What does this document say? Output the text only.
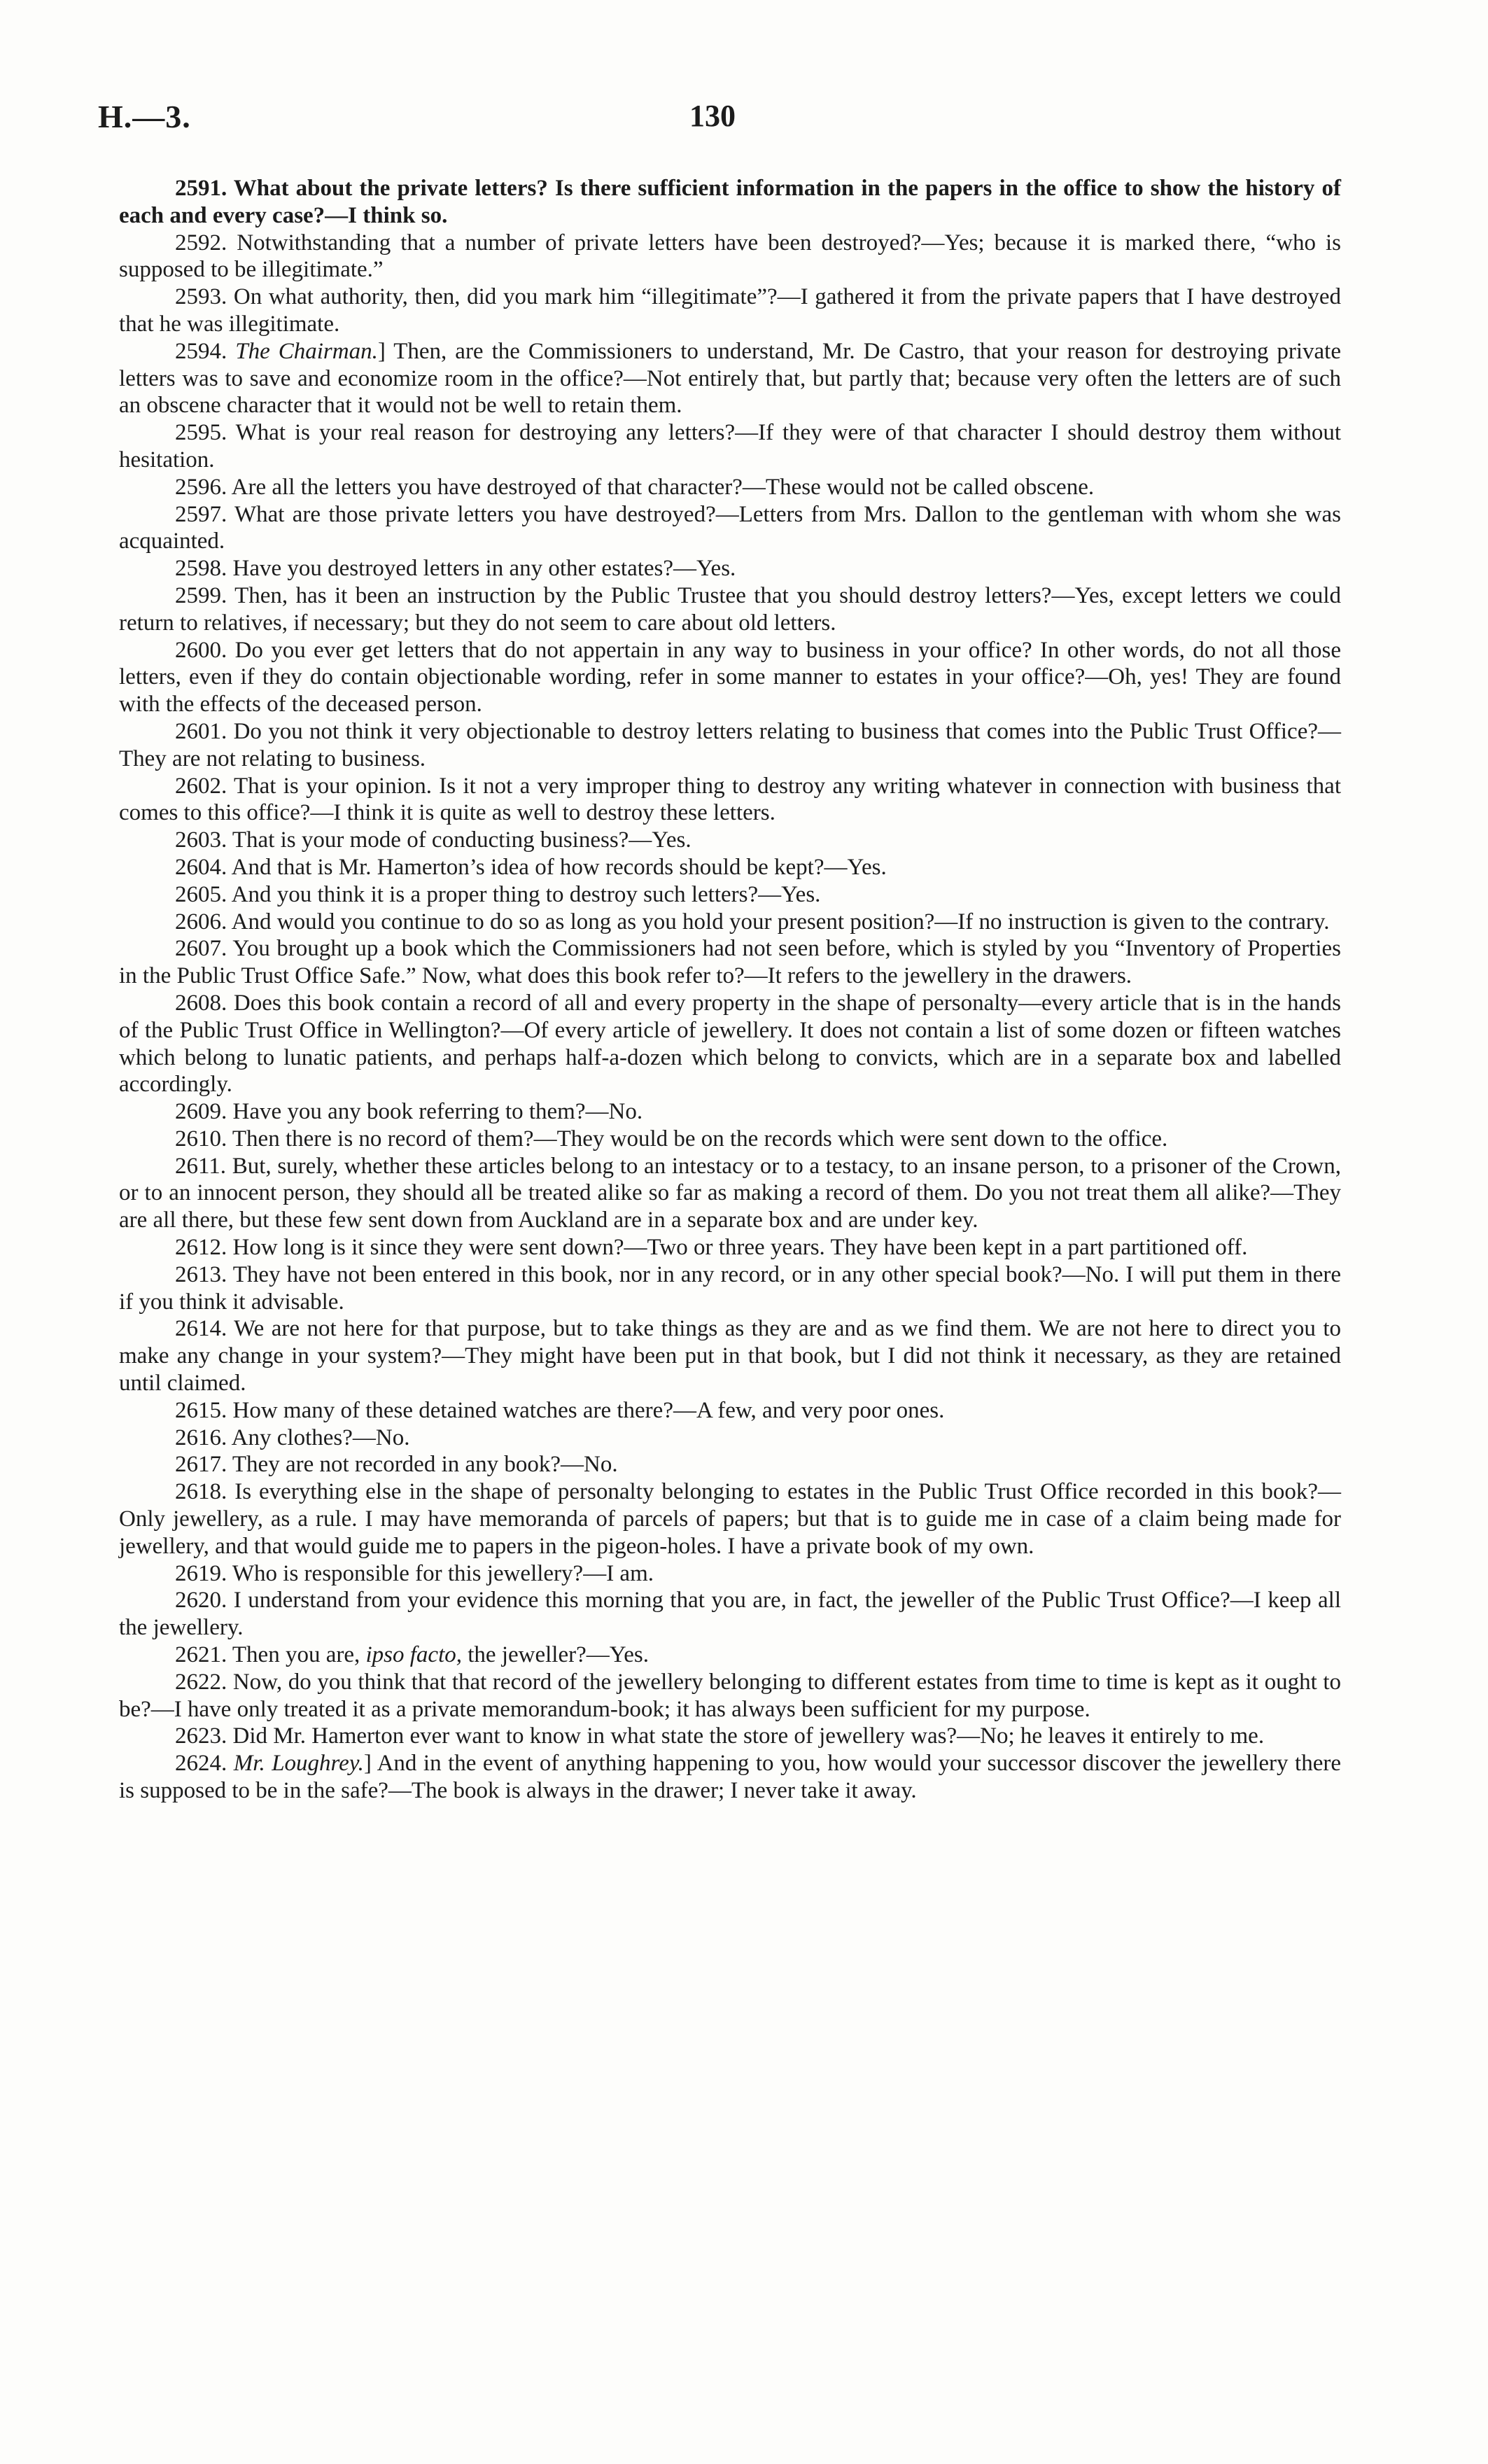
H.—3.	130

2591. What about the private letters? Is there sufficient information in the papers in the office to show the history of each and every case?—I think so.

2592. Notwithstanding that a number of private letters have been destroyed?—Yes; because it is marked there, “who is supposed to be illegitimate.”

2593. On what authority, then, did you mark him “illegitimate”?—I gathered it from the private papers that I have destroyed that he was illegitimate.

2594. The Chairman.] Then, are the Commissioners to understand, Mr. De Castro, that your reason for destroying private letters was to save and economize room in the office?—Not entirely that, but partly that; because very often the letters are of such an obscene character that it would not be well to retain them.

2595. What is your real reason for destroying any letters?—If they were of that character I should destroy them without hesitation.

2596. Are all the letters you have destroyed of that character?—These would not be called obscene.

2597. What are those private letters you have destroyed?—Letters from Mrs. Dallon to the gentleman with whom she was acquainted.

2598. Have you destroyed letters in any other estates?—Yes.

2599. Then, has it been an instruction by the Public Trustee that you should destroy letters?—Yes, except letters we could return to relatives, if necessary; but they do not seem to care about old letters.

2600. Do you ever get letters that do not appertain in any way to business in your office? In other words, do not all those letters, even if they do contain objectionable wording, refer in some manner to estates in your office?—Oh, yes! They are found with the effects of the deceased person.

2601. Do you not think it very objectionable to destroy letters relating to business that comes into the Public Trust Office?—They are not relating to business.

2602. That is your opinion. Is it not a very improper thing to destroy any writing whatever in connection with business that comes to this office?—I think it is quite as well to destroy these letters.

2603. That is your mode of conducting business?—Yes.

2604. And that is Mr. Hamerton’s idea of how records should be kept?—Yes.

2605. And you think it is a proper thing to destroy such letters?—Yes.

2606. And would you continue to do so as long as you hold your present position?—If no instruction is given to the contrary.

2607. You brought up a book which the Commissioners had not seen before, which is styled by you “Inventory of Properties in the Public Trust Office Safe.” Now, what does this book refer to?—It refers to the jewellery in the drawers.

2608. Does this book contain a record of all and every property in the shape of personalty—every article that is in the hands of the Public Trust Office in Wellington?—Of every article of jewellery. It does not contain a list of some dozen or fifteen watches which belong to lunatic patients, and perhaps half-a-dozen which belong to convicts, which are in a separate box and labelled accordingly.

2609. Have you any book referring to them?—No.

2610. Then there is no record of them?—They would be on the records which were sent down to the office.

2611. But, surely, whether these articles belong to an intestacy or to a testacy, to an insane person, to a prisoner of the Crown, or to an innocent person, they should all be treated alike so far as making a record of them. Do you not treat them all alike?—They are all there, but these few sent down from Auckland are in a separate box and are under key.

2612. How long is it since they were sent down?—Two or three years. They have been kept in a part partitioned off.

2613. They have not been entered in this book, nor in any record, or in any other special book?—No. I will put them in there if you think it advisable.

2614. We are not here for that purpose, but to take things as they are and as we find them. We are not here to direct you to make any change in your system?—They might have been put in that book, but I did not think it necessary, as they are retained until claimed.

2615. How many of these detained watches are there?—A few, and very poor ones.

2616. Any clothes?—No.

2617. They are not recorded in any book?—No.

2618. Is everything else in the shape of personalty belonging to estates in the Public Trust Office recorded in this book?—Only jewellery, as a rule. I may have memoranda of parcels of papers; but that is to guide me in case of a claim being made for jewellery, and that would guide me to papers in the pigeon-holes. I have a private book of my own.

2619. Who is responsible for this jewellery?—I am.

2620. I understand from your evidence this morning that you are, in fact, the jeweller of the Public Trust Office?—I keep all the jewellery.

2621. Then you are, ipso facto, the jeweller?—Yes.

2622. Now, do you think that that record of the jewellery belonging to different estates from time to time is kept as it ought to be?—I have only treated it as a private memorandum-book; it has always been sufficient for my purpose.

2623. Did Mr. Hamerton ever want to know in what state the store of jewellery was?—No; he leaves it entirely to me.

2624. Mr. Loughrey.] And in the event of anything happening to you, how would your successor discover the jewellery there is supposed to be in the safe?—The book is always in the drawer; I never take it away.
